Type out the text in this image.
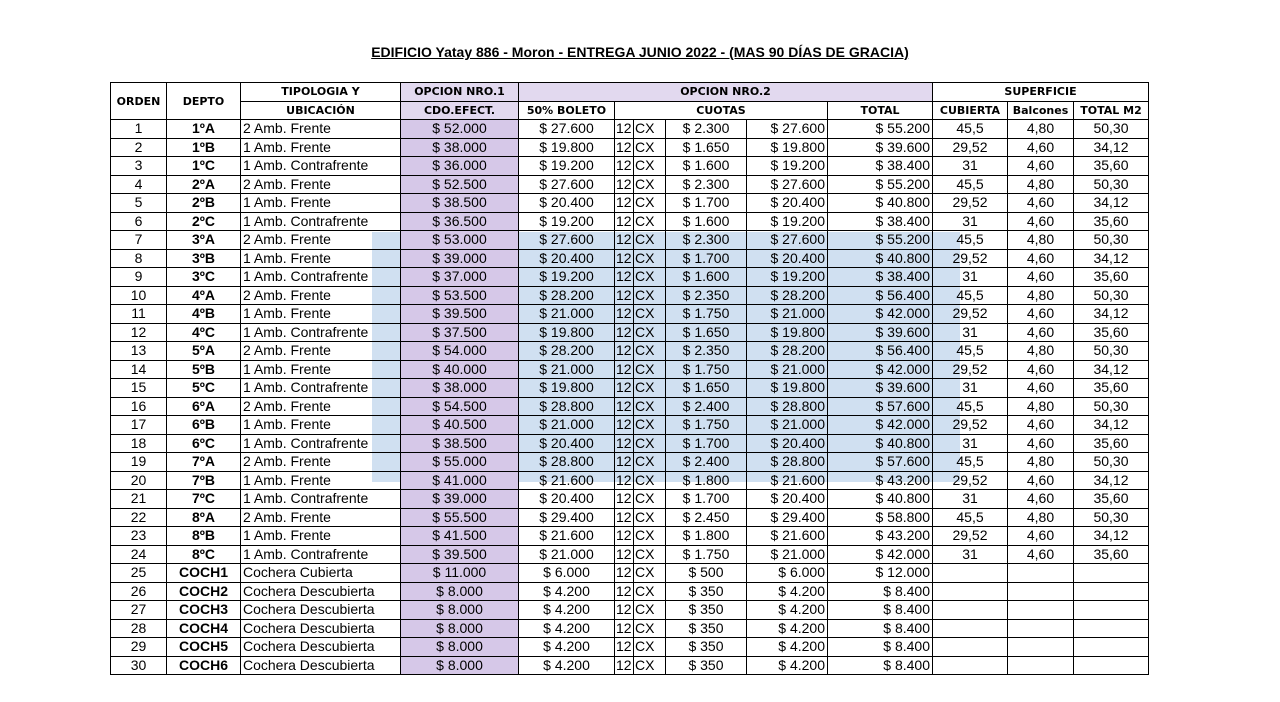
EDIFICIO Yatay 886 - Moron - ENTREGA JUNIO 2022 - (MAS 90 DÍAS DE GRACIA)
ORDEN	DEPTO	TIPOLOGIA Y	OPCION NRO.1	OPCION NRO.2						SUPERFICIE		
		UBICACIÓN	CDO.EFECT.	50% BOLETO	CUOTAS				TOTAL	CUBIERTA	Balcones	TOTAL M2
1	1ºA	2 Amb. Frente	$ 52.000	$ 27.600	12	CX	$ 2.300	$ 27.600	$ 55.200	45,5	4,80	50,30
2	1ºB	1 Amb. Frente	$ 38.000	$ 19.800	12	CX	$ 1.650	$ 19.800	$ 39.600	29,52	4,60	34,12
3	1ºC	1 Amb. Contrafrente	$ 36.000	$ 19.200	12	CX	$ 1.600	$ 19.200	$ 38.400	31	4,60	35,60
4	2ºA	2 Amb. Frente	$ 52.500	$ 27.600	12	CX	$ 2.300	$ 27.600	$ 55.200	45,5	4,80	50,30
5	2ºB	1 Amb. Frente	$ 38.500	$ 20.400	12	CX	$ 1.700	$ 20.400	$ 40.800	29,52	4,60	34,12
6	2ºC	1 Amb. Contrafrente	$ 36.500	$ 19.200	12	CX	$ 1.600	$ 19.200	$ 38.400	31	4,60	35,60
7	3ºA	2 Amb. Frente	$ 53.000	$ 27.600	12	CX	$ 2.300	$ 27.600	$ 55.200	45,5	4,80	50,30
8	3ºB	1 Amb. Frente	$ 39.000	$ 20.400	12	CX	$ 1.700	$ 20.400	$ 40.800	29,52	4,60	34,12
9	3ºC	1 Amb. Contrafrente	$ 37.000	$ 19.200	12	CX	$ 1.600	$ 19.200	$ 38.400	31	4,60	35,60
10	4ºA	2 Amb. Frente	$ 53.500	$ 28.200	12	CX	$ 2.350	$ 28.200	$ 56.400	45,5	4,80	50,30
11	4ºB	1 Amb. Frente	$ 39.500	$ 21.000	12	CX	$ 1.750	$ 21.000	$ 42.000	29,52	4,60	34,12
12	4ºC	1 Amb. Contrafrente	$ 37.500	$ 19.800	12	CX	$ 1.650	$ 19.800	$ 39.600	31	4,60	35,60
13	5ºA	2 Amb. Frente	$ 54.000	$ 28.200	12	CX	$ 2.350	$ 28.200	$ 56.400	45,5	4,80	50,30
14	5ºB	1 Amb. Frente	$ 40.000	$ 21.000	12	CX	$ 1.750	$ 21.000	$ 42.000	29,52	4,60	34,12
15	5ºC	1 Amb. Contrafrente	$ 38.000	$ 19.800	12	CX	$ 1.650	$ 19.800	$ 39.600	31	4,60	35,60
16	6ºA	2 Amb. Frente	$ 54.500	$ 28.800	12	CX	$ 2.400	$ 28.800	$ 57.600	45,5	4,80	50,30
17	6ºB	1 Amb. Frente	$ 40.500	$ 21.000	12	CX	$ 1.750	$ 21.000	$ 42.000	29,52	4,60	34,12
18	6ºC	1 Amb. Contrafrente	$ 38.500	$ 20.400	12	CX	$ 1.700	$ 20.400	$ 40.800	31	4,60	35,60
19	7ºA	2 Amb. Frente	$ 55.000	$ 28.800	12	CX	$ 2.400	$ 28.800	$ 57.600	45,5	4,80	50,30
20	7ºB	1 Amb. Frente	$ 41.000	$ 21.600	12	CX	$ 1.800	$ 21.600	$ 43.200	29,52	4,60	34,12
21	7ºC	1 Amb. Contrafrente	$ 39.000	$ 20.400	12	CX	$ 1.700	$ 20.400	$ 40.800	31	4,60	35,60
22	8ºA	2 Amb. Frente	$ 55.500	$ 29.400	12	CX	$ 2.450	$ 29.400	$ 58.800	45,5	4,80	50,30
23	8ºB	1 Amb. Frente	$ 41.500	$ 21.600	12	CX	$ 1.800	$ 21.600	$ 43.200	29,52	4,60	34,12
24	8ºC	1 Amb. Contrafrente	$ 39.500	$ 21.000	12	CX	$ 1.750	$ 21.000	$ 42.000	31	4,60	35,60
25	COCH1	Cochera Cubierta	$ 11.000	$ 6.000	12	CX	$ 500	$ 6.000	$ 12.000			
26	COCH2	Cochera Descubierta	$ 8.000	$ 4.200	12	CX	$ 350	$ 4.200	$ 8.400			
27	COCH3	Cochera Descubierta	$ 8.000	$ 4.200	12	CX	$ 350	$ 4.200	$ 8.400			
28	COCH4	Cochera Descubierta	$ 8.000	$ 4.200	12	CX	$ 350	$ 4.200	$ 8.400			
29	COCH5	Cochera Descubierta	$ 8.000	$ 4.200	12	CX	$ 350	$ 4.200	$ 8.400			
30	COCH6	Cochera Descubierta	$ 8.000	$ 4.200	12	CX	$ 350	$ 4.200	$ 8.400			
